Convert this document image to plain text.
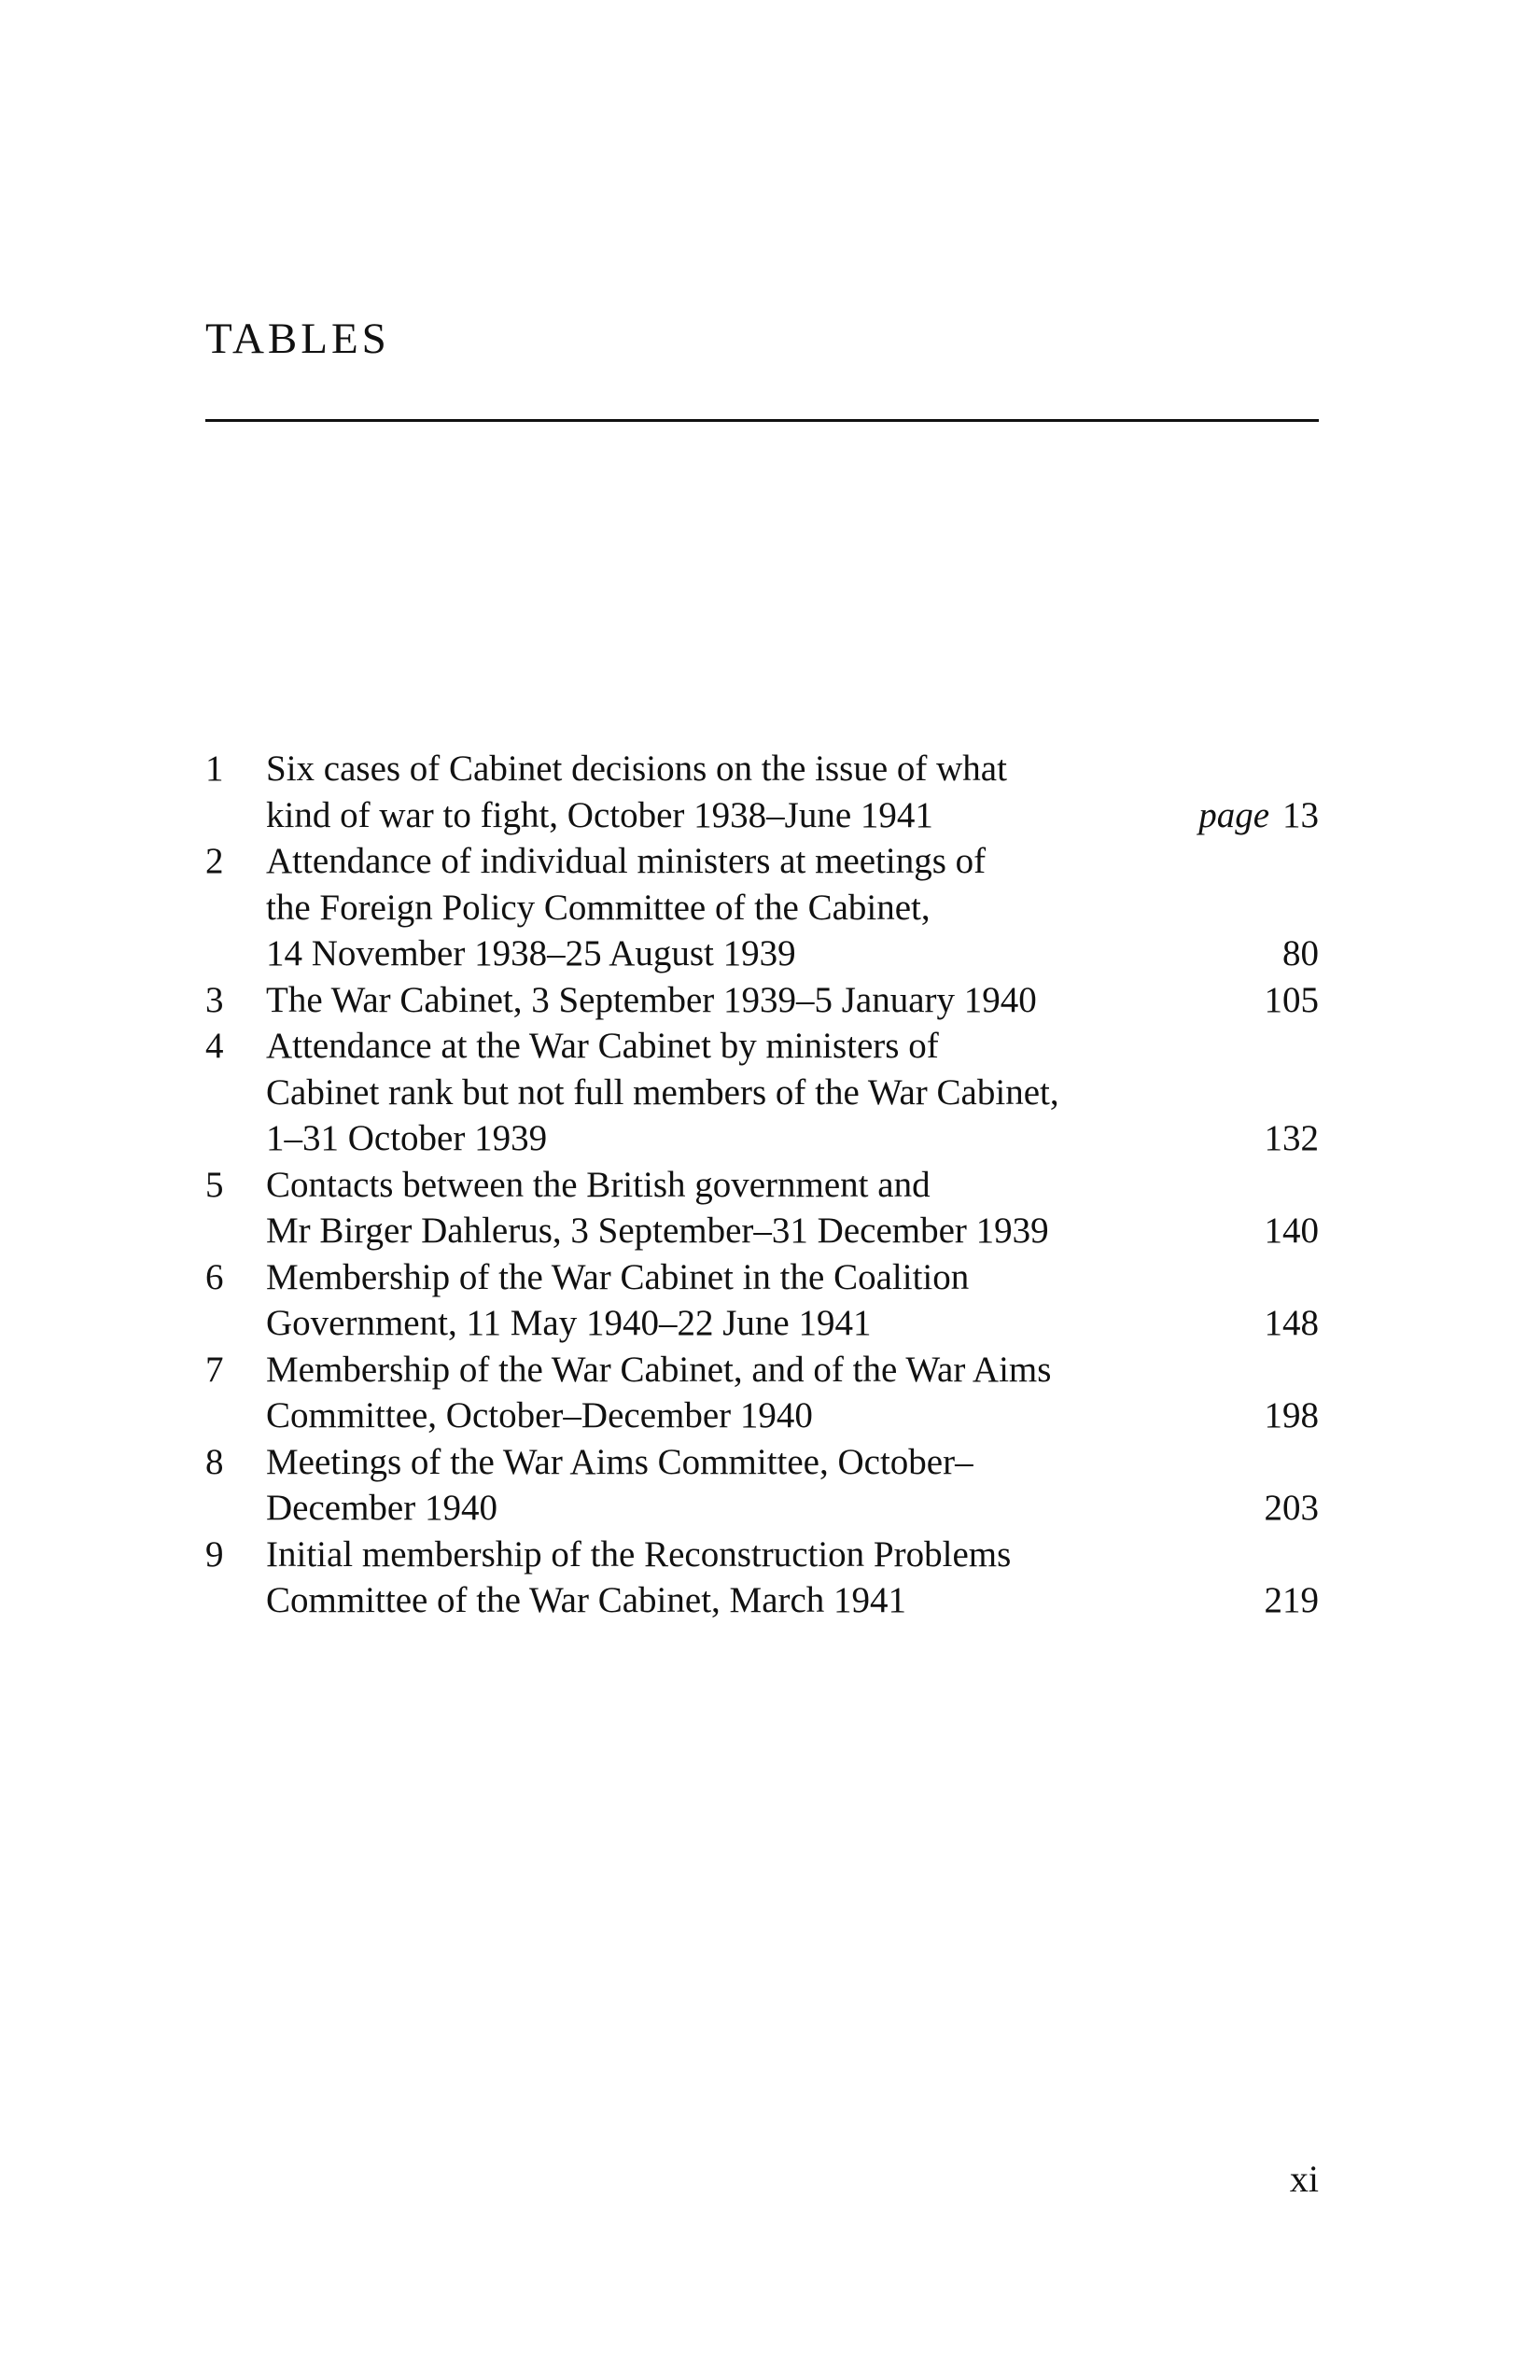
TABLES
1	Six cases of Cabinet decisions on the issue of what
kind of war to fight, October 1938–June 1941	page 13
2	Attendance of individual ministers at meetings of
the Foreign Policy Committee of the Cabinet,
14 November 1938–25 August 1939	80
3	The War Cabinet, 3 September 1939–5 January 1940	105
4	Attendance at the War Cabinet by ministers of
Cabinet rank but not full members of the War Cabinet,
1–31 October 1939	132
5	Contacts between the British government and
Mr Birger Dahlerus, 3 September–31 December 1939	140
6	Membership of the War Cabinet in the Coalition
Government, 11 May 1940–22 June 1941	148
7	Membership of the War Cabinet, and of the War Aims
Committee, October–December 1940	198
8	Meetings of the War Aims Committee, October–
December 1940	203
9	Initial membership of the Reconstruction Problems
Committee of the War Cabinet, March 1941	219
xi
